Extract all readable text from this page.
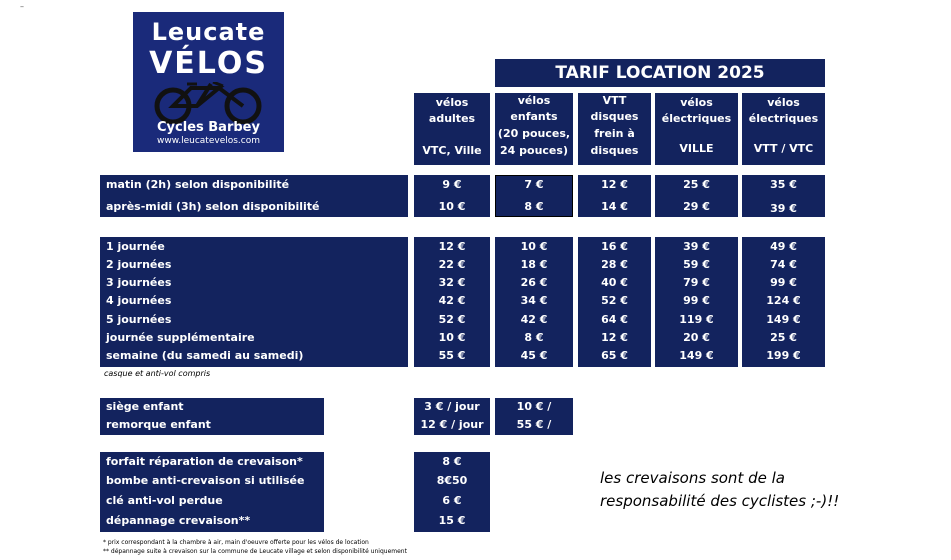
–
Leucate
VÉLOS
Cycles Barbey
www.leucatevelos.com
TARIF LOCATION 2025
vélos
adultes
VTC, Ville
vélos
enfants
(20 pouces,
24 pouces)
VTT
disques
frein à
disques
vélos
électriques
VILLE
vélos
électriques
VTT / VTC
matin (2h) selon disponibilité
après-midi (3h) selon disponibilité
9 €
10 €
7 €
8 €
12 €
14 €
25 €
29 €
35 €
39 €
1 journée
2 journées
3 journées
4 journées
5 journées
journée supplémentaire
semaine (du samedi au samedi)
12 €
22 €
32 €
42 €
52 €
10 €
55 €
10 €
18 €
26 €
34 €
42 €
8 €
45 €
16 €
28 €
40 €
52 €
64 €
12 €
65 €
39 €
59 €
79 €
99 €
119 €
20 €
149 €
49 €
74 €
99 €
124 €
149 €
25 €
199 €
casque et anti-vol compris
siège enfant
remorque enfant
3 € / jour
12 € / jour
10 € /
55 € /
forfait réparation de crevaison*
bombe anti-crevaison si utilisée
clé anti-vol perdue
dépannage crevaison**
8 €
8€50
6 €
15 €
les crevaisons sont de la
responsabilité des cyclistes ;-)!!
* prix correspondant à la chambre à air, main d'oeuvre offerte pour les vélos de location
** dépannage suite à crevaison sur la commune de Leucate village et selon disponibilité uniquement
